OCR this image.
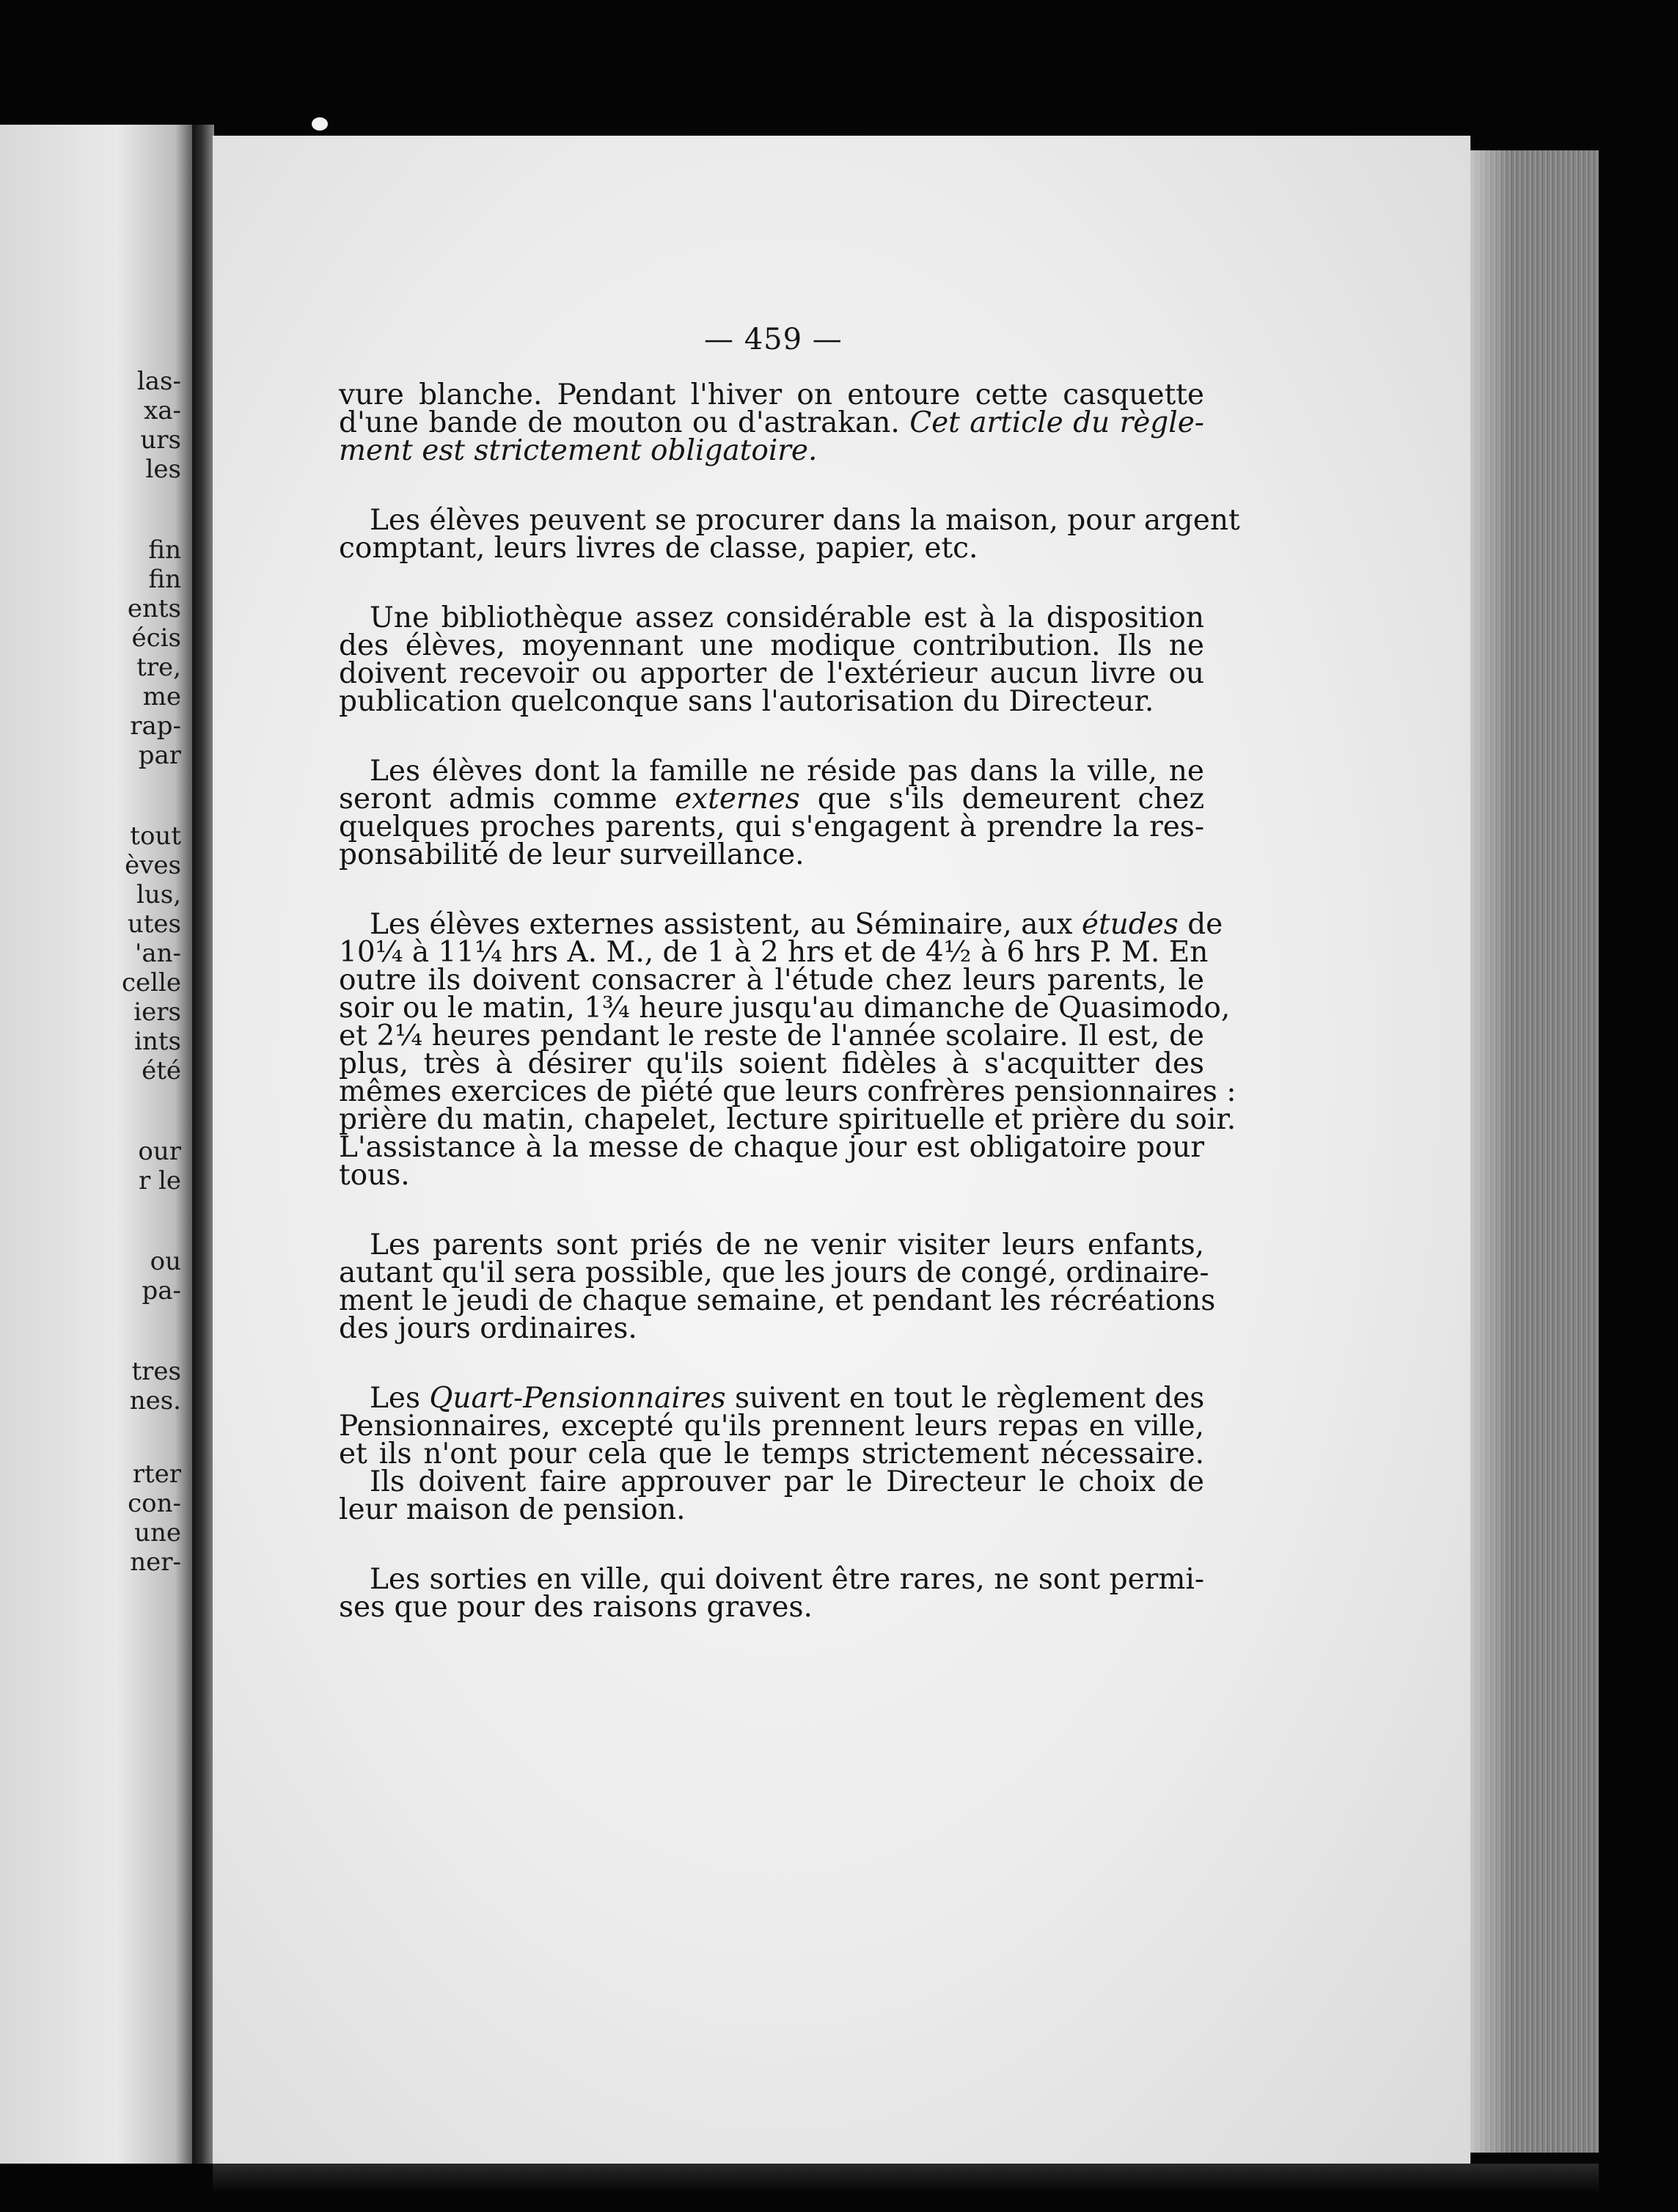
las-
xa-
urs
les
fin
fin
ents
écis
tre,
me
rap-
par
tout
èves
lus,
utes
'an-
celle
iers
ints
été
our
r le
ou
pa-
tres
nes.
rter
con-
une
ner-
— 459 —
vure blanche. Pendant l'hiver on entoure cette casquette
d'une bande de mouton ou d'astrakan. Cet article du règle-
ment est strictement obligatoire.
Les élèves peuvent se procurer dans la maison, pour argent
comptant, leurs livres de classe, papier, etc.
Une bibliothèque assez considérable est à la disposition
des élèves, moyennant une modique contribution. Ils ne
doivent recevoir ou apporter de l'extérieur aucun livre ou
publication quelconque sans l'autorisation du Directeur.
Les élèves dont la famille ne réside pas dans la ville, ne
seront admis comme externes que s'ils demeurent chez
quelques proches parents, qui s'engagent à prendre la res-
ponsabilité de leur surveillance.
Les élèves externes assistent, au Séminaire, aux études de
10¼ à 11¼ hrs A. M., de 1 à 2 hrs et de 4½ à 6 hrs P. M. En
outre ils doivent consacrer à l'étude chez leurs parents, le
soir ou le matin, 1¾ heure jusqu'au dimanche de Quasimodo,
et 2¼ heures pendant le reste de l'année scolaire. Il est, de
plus, très à désirer qu'ils soient fidèles à s'acquitter des
mêmes exercices de piété que leurs confrères pensionnaires :
prière du matin, chapelet, lecture spirituelle et prière du soir.
L'assistance à la messe de chaque jour est obligatoire pour
tous.
Les parents sont priés de ne venir visiter leurs enfants,
autant qu'il sera possible, que les jours de congé, ordinaire-
ment le jeudi de chaque semaine, et pendant les récréations
des jours ordinaires.
Les Quart-Pensionnaires suivent en tout le règlement des
Pensionnaires, excepté qu'ils prennent leurs repas en ville,
et ils n'ont pour cela que le temps strictement nécessaire.
Ils doivent faire approuver par le Directeur le choix de
leur maison de pension.
Les sorties en ville, qui doivent être rares, ne sont permi-
ses que pour des raisons graves.
